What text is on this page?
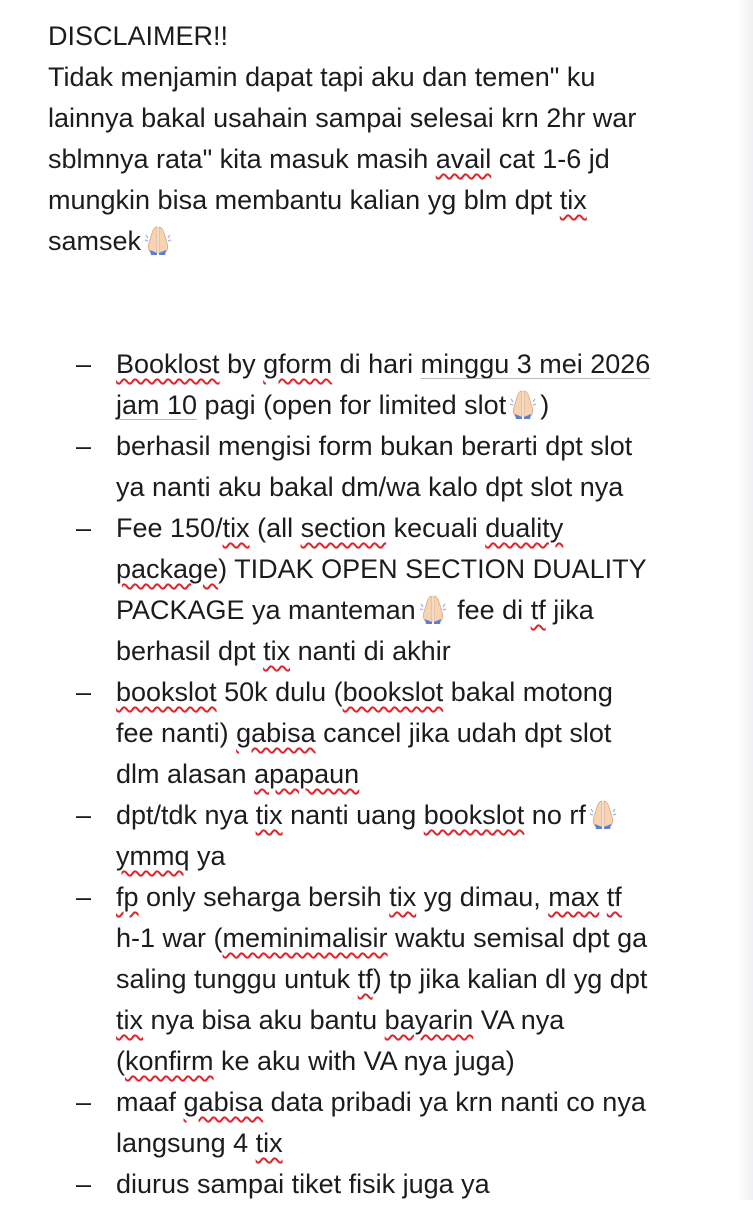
DISCLAIMER!!
Tidak menjamin dapat tapi aku dan temen" ku
lainnya bakal usahain sampai selesai krn 2hr war
sblmnya rata" kita masuk masih avail cat 1-6 jd
mungkin bisa membantu kalian yg blm dpt tix
samsek
– Booklost by gform di hari minggu 3 mei 2026
jam 10 pagi (open for limited slot )
– berhasil mengisi form bukan berarti dpt slot
ya nanti aku bakal dm/wa kalo dpt slot nya
– Fee 150/tix (all section kecuali duality
package) TIDAK OPEN SECTION DUALITY
PACKAGE ya manteman fee di tf jika
berhasil dpt tix nanti di akhir
– bookslot 50k dulu (bookslot bakal motong
fee nanti) gabisa cancel jika udah dpt slot
dlm alasan apapaun
– dpt/tdk nya tix nanti uang bookslot no rf
ymmq ya
– fp only seharga bersih tix yg dimau, max tf
h-1 war (meminimalisir waktu semisal dpt ga
saling tunggu untuk tf) tp jika kalian dl yg dpt
tix nya bisa aku bantu bayarin VA nya
(konfirm ke aku with VA nya juga)
– maaf gabisa data pribadi ya krn nanti co nya
langsung 4 tix
– diurus sampai tiket fisik juga ya
